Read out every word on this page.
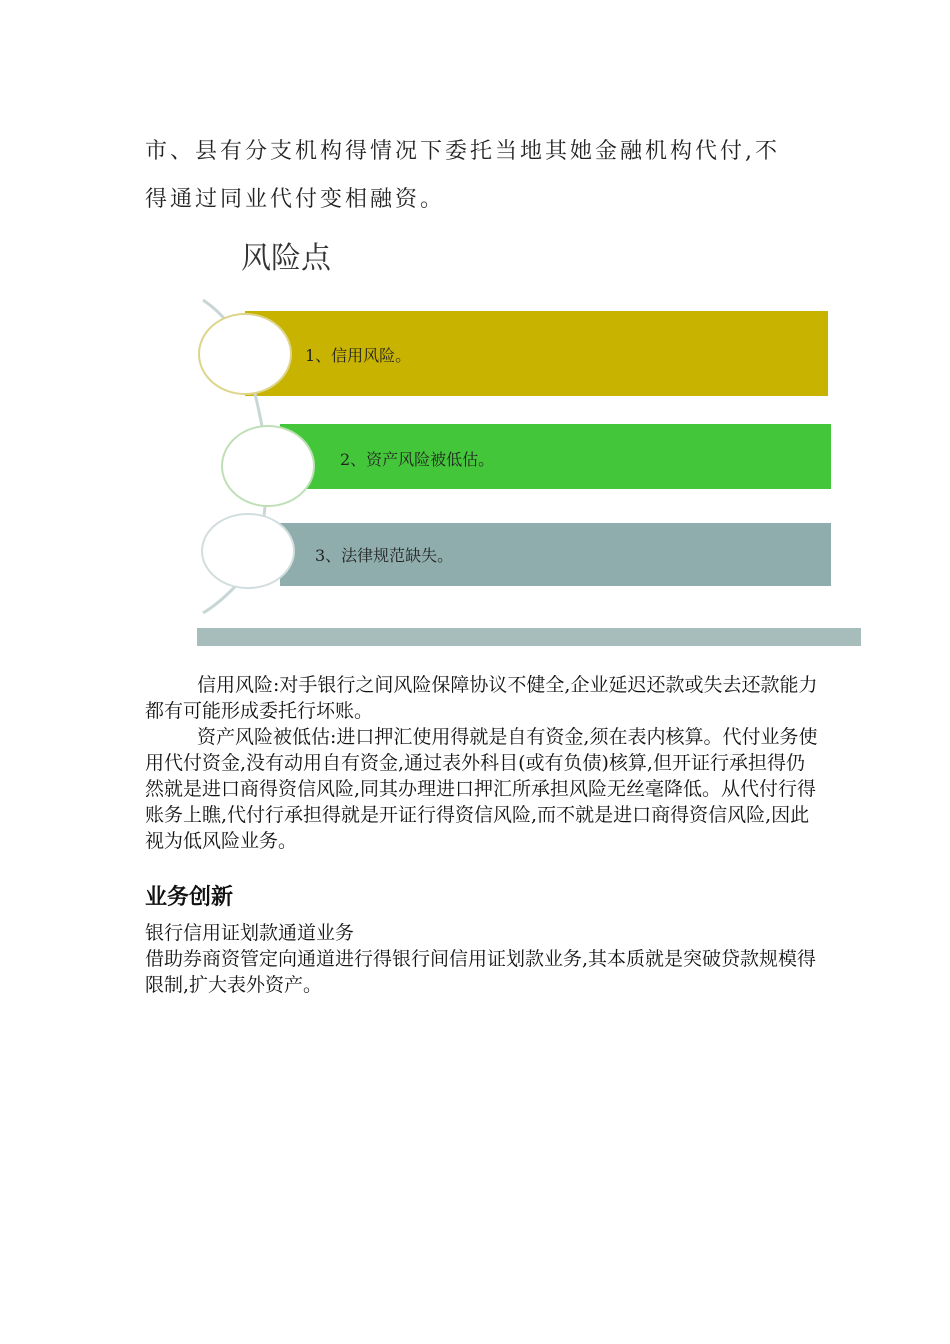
市、县有分支机构得情况下委托当地其她金融机构代付,不
得通过同业代付变相融资。
风险点
1、信用风险。
2、资产风险被低估。
3、法律规范缺失。
信用风险:对手银行之间风险保障协议不健全,企业延迟还款或失去还款能力都有可能形成委托行坏账。
资产风险被低估:进口押汇使用得就是自有资金,须在表内核算。代付业务使用代付资金,没有动用自有资金,通过表外科目(或有负债)核算,但开证行承担得仍然就是进口商得资信风险,同其办理进口押汇所承担风险无丝毫降低。从代付行得账务上瞧,代付行承担得就是开证行得资信风险,而不就是进口商得资信风险,因此视为低风险业务。
业务创新
银行信用证划款通道业务
借助券商资管定向通道进行得银行间信用证划款业务,其本质就是突破贷款规模得限制,扩大表外资产。
